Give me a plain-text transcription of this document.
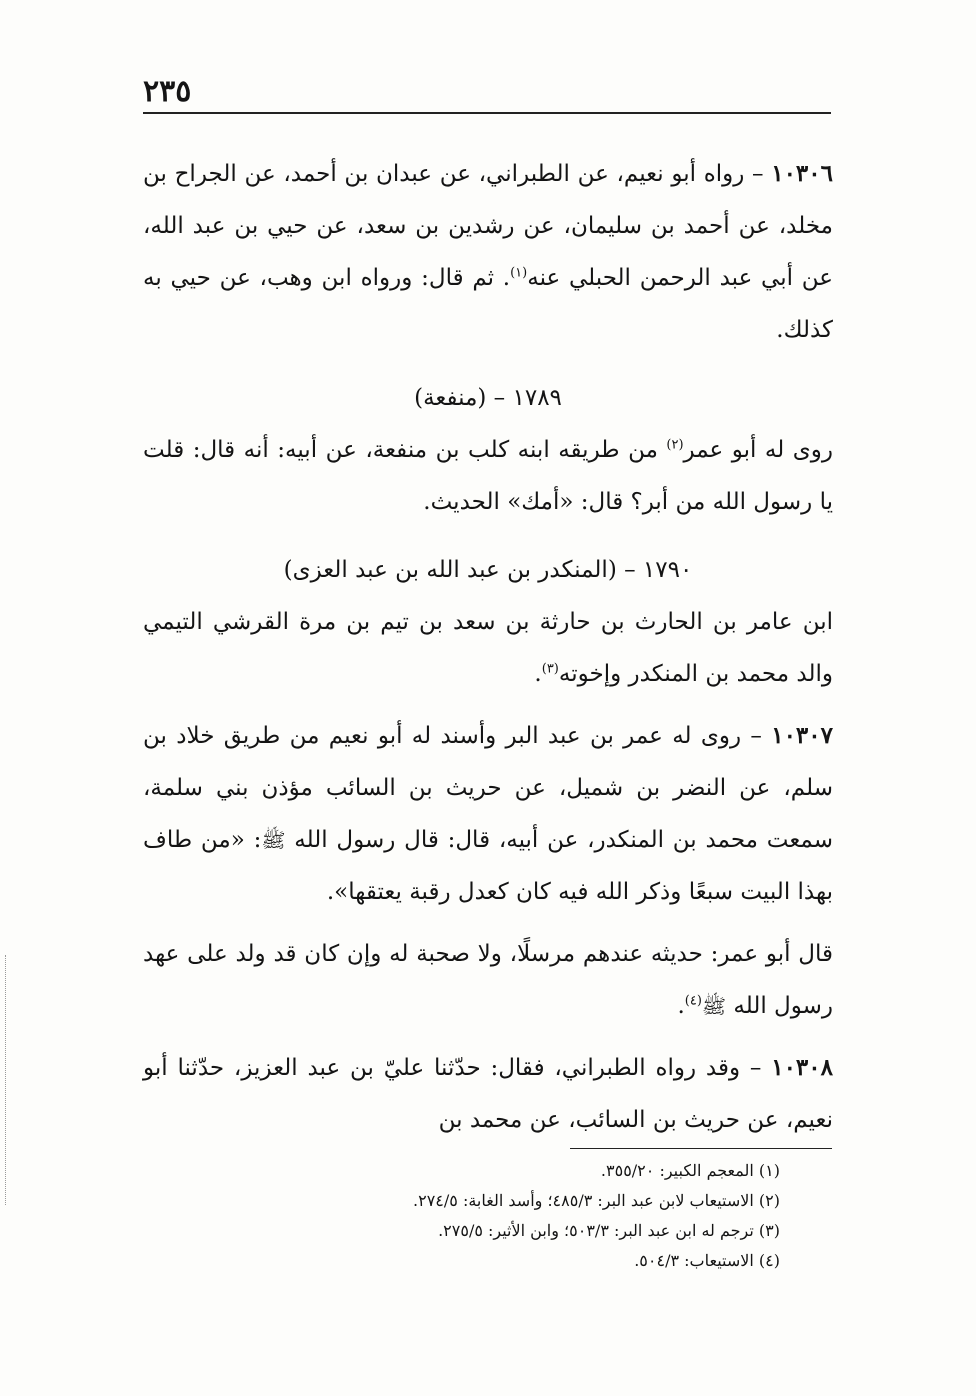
٢٣٥

١٠٣٠٦ – رواه أبو نعيم، عن الطبراني، عن عبدان بن أحمد، عن الجراح بن مخلد، عن أحمد بن سليمان، عن رشدين بن سعد، عن حيي بن عبد الله، عن أبي عبد الرحمن الحبلي عنه$^{(١)}$. ثم قال: ورواه ابن وهب، عن حيي به كذلك.

١٧٨٩ – (منفعة)

روى له أبو عمر$^{(٢)}$ من طريقه ابنه كلب بن منفعة، عن أبيه: أنه قال: قلت يا رسول الله من أبر؟ قال: «أمك» الحديث.

١٧٩٠ – (المنكدر بن عبد الله بن عبد العزى)

ابن عامر بن الحارث بن حارثة بن سعد بن تيم بن مرة القرشي التيمي والد محمد بن المنكدر وإخوته$^{(٣)}$.

١٠٣٠٧ – روى له عمر بن عبد البر وأسند له أبو نعيم من طريق خلاد بن سلم، عن النضر بن شميل، عن حريث بن السائب مؤذن بني سلمة، سمعت محمد بن المنكدر، عن أبيه، قال: قال رسول الله ﷺ: «من طاف بهذا البيت سبعًا وذكر الله فيه كان كعدل رقبة يعتقها».

قال أبو عمر: حديثه عندهم مرسلًا، ولا صحبة له وإن كان قد ولد على عهد رسول الله ﷺ$^{(٤)}$.

١٠٣٠٨ – وقد رواه الطبراني، فقال: حدّثنا عليّ بن عبد العزيز، حدّثنا أبو نعيم، عن حريث بن السائب، عن محمد بن

(١) المعجم الكبير: ٣٥٥/٢٠.
(٢) الاستيعاب لابن عبد البر: ٤٨٥/٣؛ وأسد الغابة: ٢٧٤/٥.
(٣) ترجم له ابن عبد البر: ٥٠٣/٣؛ وابن الأثير: ٢٧٥/٥.
(٤) الاستيعاب: ٥٠٤/٣.
